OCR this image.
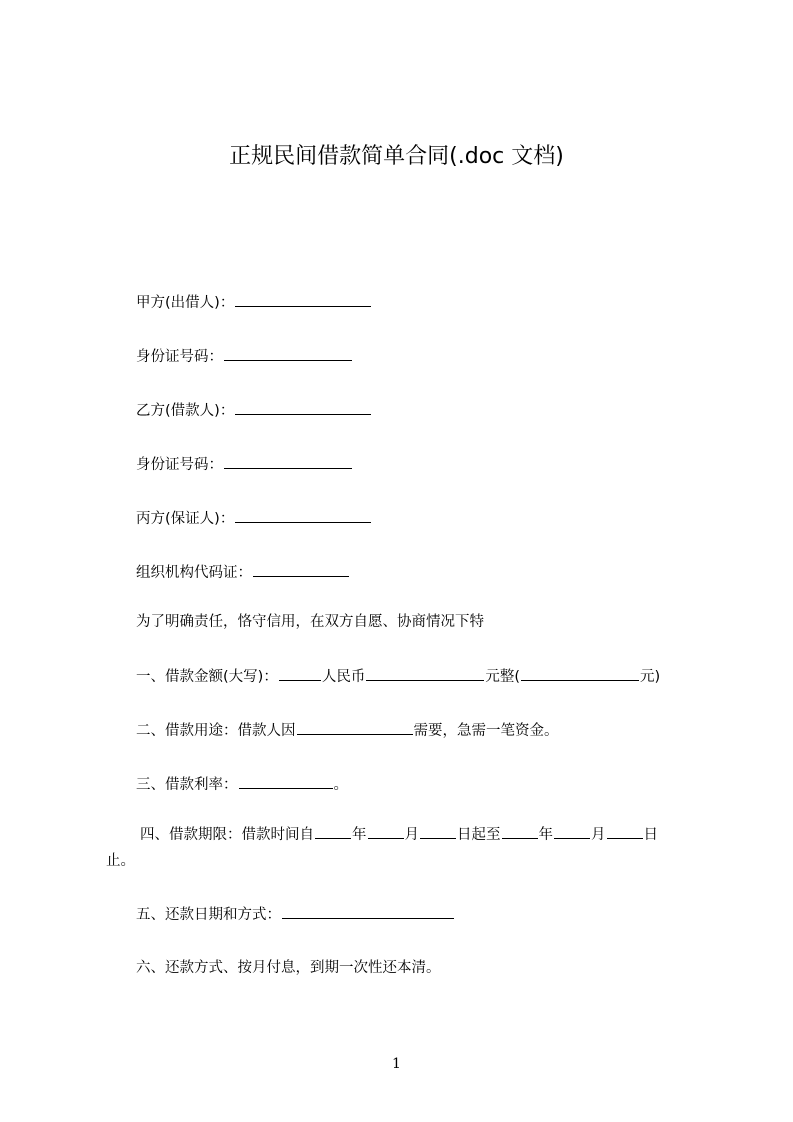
正规民间借款简单合同(.doc 文档)
甲方(出借人)：
身份证号码：
乙方(借款人)：
身份证号码：
丙方(保证人)：
组织机构代码证：
为了明确责任，恪守信用，在双方自愿、协商情况下特
一、借款金额(大写)：	人民币	元整(	元)
二、借款用途：借款人因	需要，急需一笔资金。
三、借款利率：	。
四、借款期限：借款时间自	年	月	日起至	年	月	日
止。
五、还款日期和方式：
六、还款方式、按月付息，到期一次性还本清。
1
